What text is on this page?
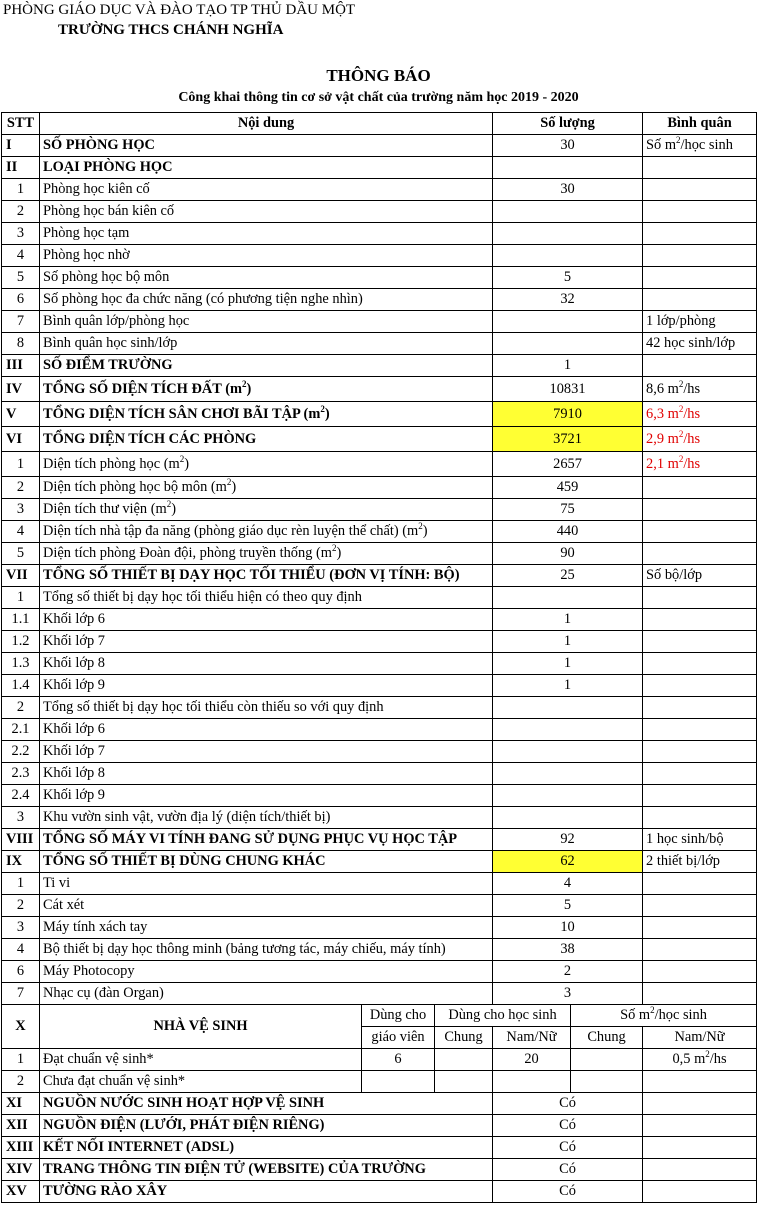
PHÒNG GIÁO DỤC VÀ ĐÀO TẠO TP THỦ DẦU MỘT
TRƯỜNG THCS CHÁNH NGHĨA
THÔNG BÁO
Công khai thông tin cơ sở vật chất của trường năm học 2019 - 2020
STT	Nội dung			Số lượng		Bình quân
I	SỐ PHÒNG HỌC			30		Số $m^2$/học sinh
II	LOẠI PHÒNG HỌC					
1	Phòng học kiên cố			30		
2	Phòng học bán kiên cố					
3	Phòng học tạm					
4	Phòng học nhờ					
5	Số phòng học bộ môn			5		
6	Số phòng học đa chức năng (có phương tiện nghe nhìn)			32		
7	Bình quân lớp/phòng học					1 lớp/phòng
8	Bình quân học sinh/lớp					42 học sinh/lớp
III	SỐ ĐIỂM TRƯỜNG			1		
IV	TỔNG SỐ DIỆN TÍCH ĐẤT $(m^2)$			10831		8,6 $m^2/hs$
V	TỔNG DIỆN TÍCH SÂN CHƠI BÃI TẬP $(m^2)$			7910		6,3 $m^2/hs$
VI	TỔNG DIỆN TÍCH CÁC PHÒNG			3721		2,9 $m^2/hs$
1	Diện tích phòng học $(m^2)$			2657		2,1 $m^2/hs$
2	Diện tích phòng học bộ môn $(m^2)$			459		
3	Diện tích thư viện $(m^2)$			75		
4	Diện tích nhà tập đa năng (phòng giáo dục rèn luyện thể chất) $(m^2)$			440		
5	Diện tích phòng Đoàn đội, phòng truyền thống $(m^2)$			90		
VII	TỔNG SỐ THIẾT BỊ DẠY HỌC TỐI THIỂU (ĐƠN VỊ TÍNH: BỘ)			25		Số bộ/lớp
1	Tổng số thiết bị dạy học tối thiểu hiện có theo quy định					
1.1	Khối lớp 6			1		
1.2	Khối lớp 7			1		
1.3	Khối lớp 8			1		
1.4	Khối lớp 9			1		
2	Tổng số thiết bị dạy học tối thiểu còn thiếu so với quy định					
2.1	Khối lớp 6					
2.2	Khối lớp 7					
2.3	Khối lớp 8					
2.4	Khối lớp 9					
3	Khu vườn sinh vật, vườn địa lý (diện tích/thiết bị)					
VIII	TỔNG SỐ MÁY VI TÍNH ĐANG SỬ DỤNG PHỤC VỤ HỌC TẬP			92		1 học sinh/bộ
IX	TỔNG SỐ THIẾT BỊ DÙNG CHUNG KHÁC			62		2 thiết bị/lớp
1	Ti vi			4		
2	Cát xét			5		
3	Máy tính xách tay			10		
4	Bộ thiết bị dạy học thông minh (bảng tương tác, máy chiếu, máy tính)			38		
6	Máy Photocopy			2		
7	Nhạc cụ (đàn Organ)			3		
X	NHÀ VỆ SINH	Dùng cho	Dùng cho học sinh		Số $m^2$/học sinh	
		giáo viên	Chung	Nam/Nữ	Chung	Nam/Nữ
1	Đạt chuẩn vệ sinh*	6		20		0,5 $m^2/hs$
2	Chưa đạt chuẩn vệ sinh*					
XI	NGUỒN NƯỚC SINH HOẠT HỢP VỆ SINH			Có		
XII	NGUỒN ĐIỆN (LƯỚI, PHÁT ĐIỆN RIÊNG)			Có		
XIII	KẾT NỐI INTERNET (ADSL)			Có		
XIV	TRANG THÔNG TIN ĐIỆN TỬ (WEBSITE) CỦA TRƯỜNG			Có		
XV	TƯỜNG RÀO XÂY			Có		
